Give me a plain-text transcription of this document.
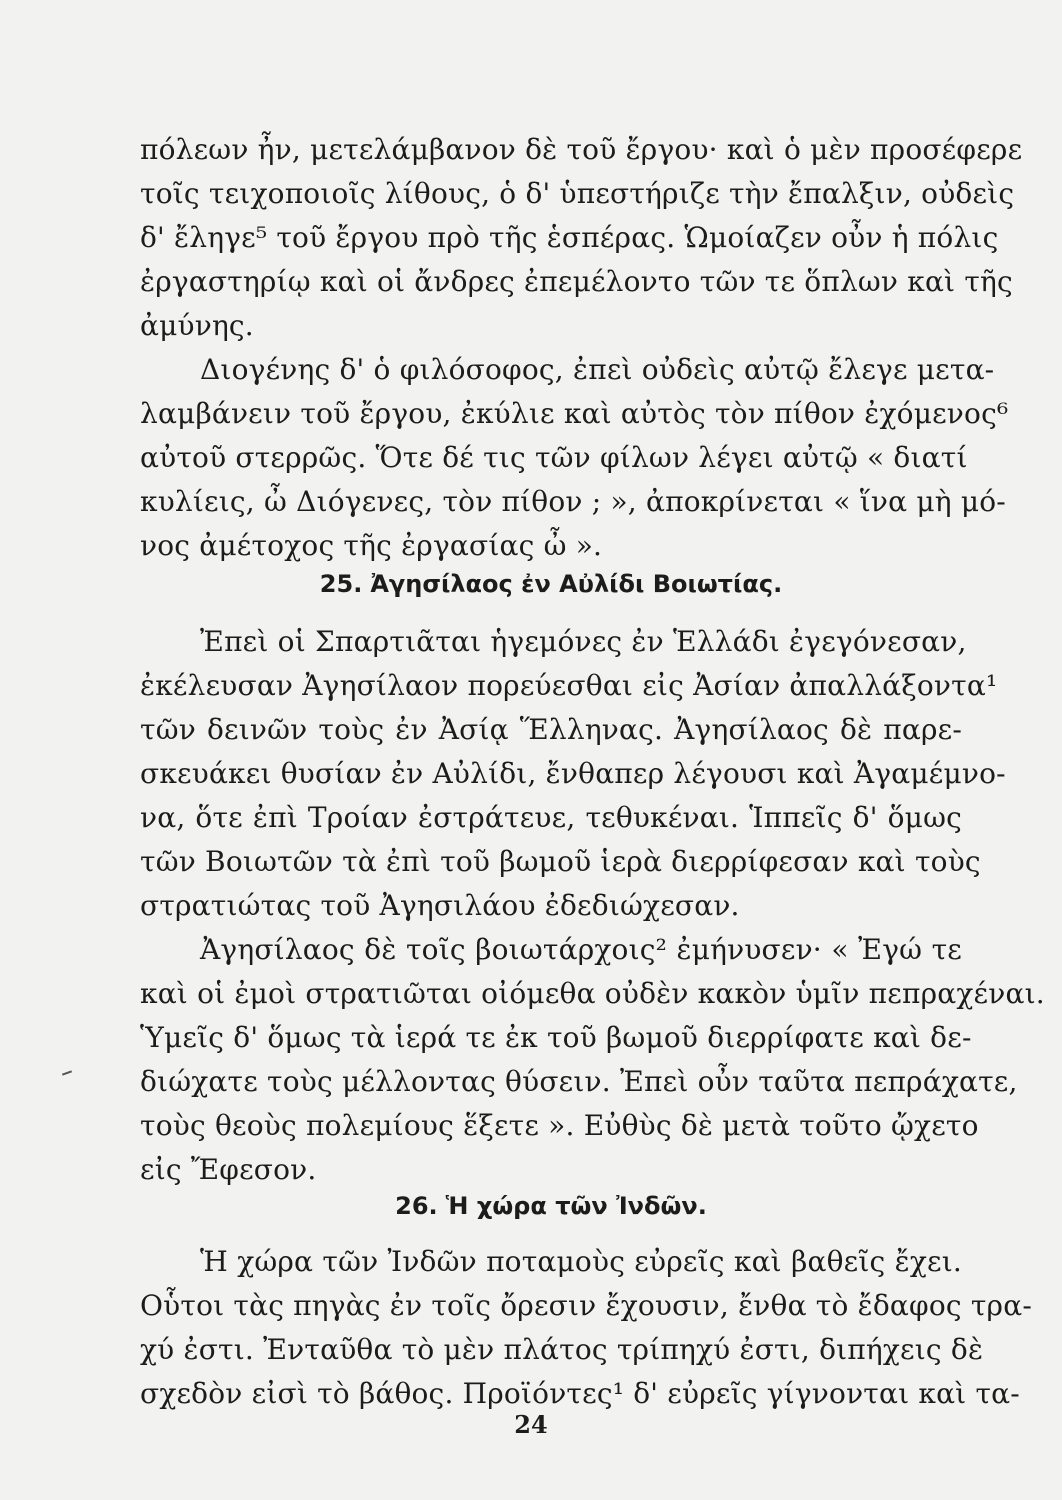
πόλεων ἦν, μετελάμβανον δὲ τοῦ ἔργου· καὶ ὁ μὲν προσέφερε
τοῖς τειχοποιοῖς λίθους, ὁ δ' ὑπεστήριζε τὴν ἔπαλξιν, οὐδεὶς
δ' ἔληγε⁵ τοῦ ἔργου πρὸ τῆς ἑσπέρας. Ὡμοίαζεν οὖν ἡ πόλις
ἐργαστηρίῳ καὶ οἱ ἄνδρες ἐπεμέλοντο τῶν τε ὅπλων καὶ τῆς
ἀμύνης.
Διογένης δ' ὁ φιλόσοφος, ἐπεὶ οὐδεὶς αὐτῷ ἔλεγε μετα-
λαμβάνειν τοῦ ἔργου, ἐκύλιε καὶ αὐτὸς τὸν πίθον ἐχόμενος⁶
αὐτοῦ στερρῶς. Ὅτε δέ τις τῶν φίλων λέγει αὐτῷ « διατί
κυλίεις, ὦ Διόγενες, τὸν πίθον ; », ἀποκρίνεται « ἵνα μὴ μό-
νος ἀμέτοχος τῆς ἐργασίας ὦ ».
25. Ἀγησίλαος ἐν Αὐλίδι Βοιωτίας.
Ἐπεὶ οἱ Σπαρτιᾶται ἡγεμόνες ἐν Ἑλλάδι ἐγεγόνεσαν,
ἐκέλευσαν Ἀγησίλαον πορεύεσθαι εἰς Ἀσίαν ἀπαλλάξοντα¹
τῶν δεινῶν τοὺς ἐν Ἀσίᾳ Ἕλληνας. Ἀγησίλαος δὲ παρε-
σκευάκει θυσίαν ἐν Αὐλίδι, ἔνθαπερ λέγουσι καὶ Ἀγαμέμνο-
να, ὅτε ἐπὶ Τροίαν ἐστράτευε, τεθυκέναι. Ἱππεῖς δ' ὅμως
τῶν Βοιωτῶν τὰ ἐπὶ τοῦ βωμοῦ ἱερὰ διερρίφεσαν καὶ τοὺς
στρατιώτας τοῦ Ἀγησιλάου ἐδεδιώχεσαν.
Ἀγησίλαος δὲ τοῖς βοιωτάρχοις² ἐμήνυσεν· « Ἐγώ τε
καὶ οἱ ἐμοὶ στρατιῶται οἰόμεθα οὐδὲν κακὸν ὑμῖν πεπραχέναι.
Ὑμεῖς δ' ὅμως τὰ ἱερά τε ἐκ τοῦ βωμοῦ διερρίφατε καὶ δε-
διώχατε τοὺς μέλλοντας θύσειν. Ἐπεὶ οὖν ταῦτα πεπράχατε,
τοὺς θεοὺς πολεμίους ἕξετε ». Εὐθὺς δὲ μετὰ τοῦτο ᾤχετο
εἰς Ἔφεσον.
26. Ἡ χώρα τῶν Ἰνδῶν.
Ἡ χώρα τῶν Ἰνδῶν ποταμοὺς εὐρεῖς καὶ βαθεῖς ἔχει.
Οὗτοι τὰς πηγὰς ἐν τοῖς ὄρεσιν ἔχουσιν, ἔνθα τὸ ἔδαφος τρα-
χύ ἐστι. Ἐνταῦθα τὸ μὲν πλάτος τρίπηχύ ἐστι, διπήχεις δὲ
σχεδὸν εἰσὶ τὸ βάθος. Προϊόντες¹ δ' εὐρεῖς γίγνονται καὶ τα-
24
